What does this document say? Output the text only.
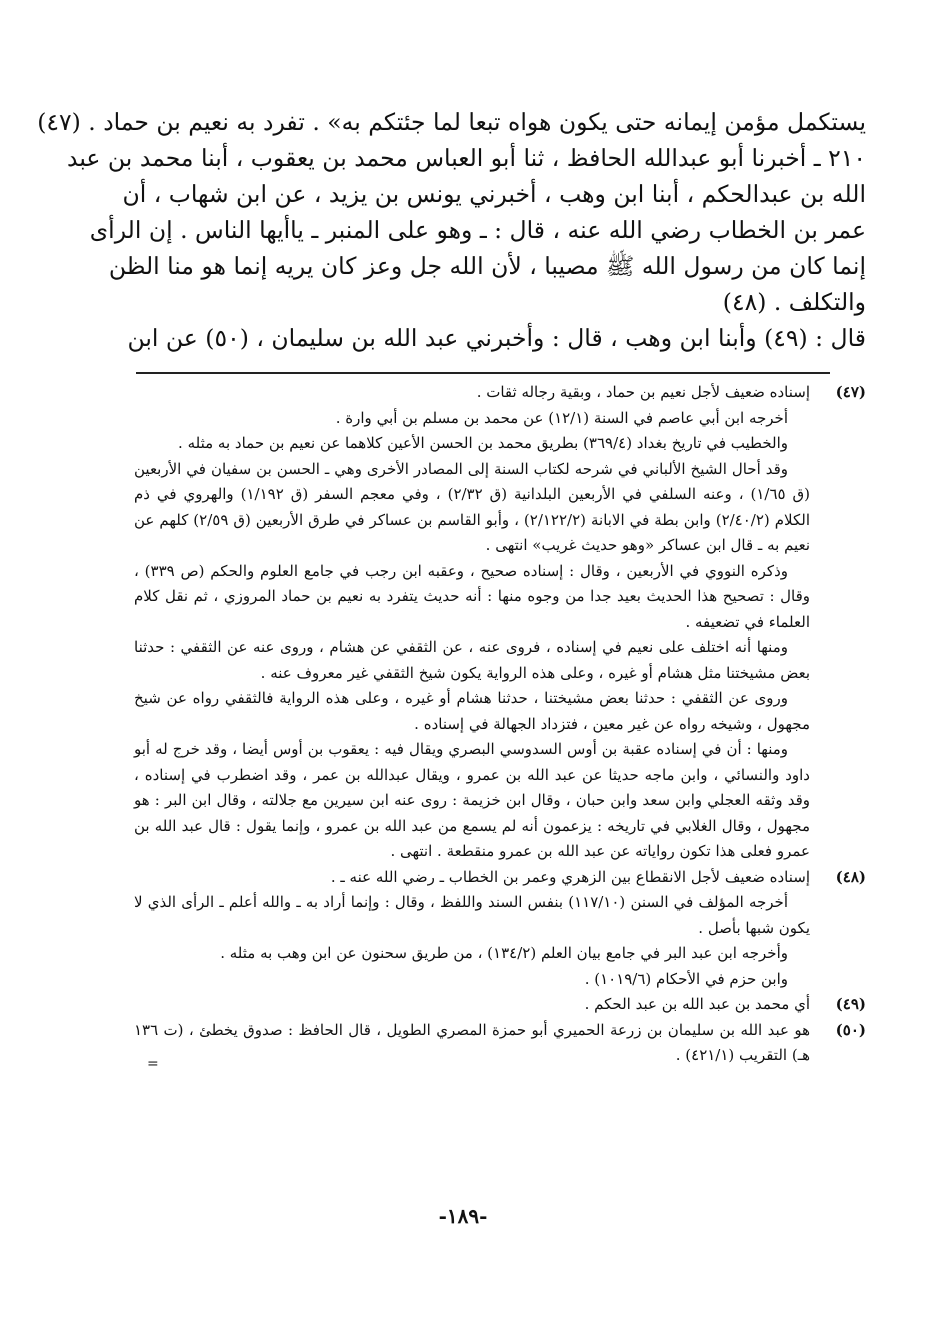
يستكمل مؤمن إيمانه حتى يكون هواه تبعا لما جئتكم به» . تفرد به نعيم بن حماد . (٤٧)
٢١٠ ـ أخبرنا أبو عبدالله الحافظ ، ثنا أبو العباس محمد بن يعقوب ، أبنا محمد بن عبد
الله بن عبدالحكم ، أبنا ابن وهب ، أخبرني يونس بن يزيد ، عن ابن شهاب ، أن
عمر بن الخطاب رضي الله عنه ، قال : ـ وهو على المنبر ـ ياأيها الناس . إن الرأى
إنما كان من رسول الله ﷺ مصيبا ، لأن الله جل وعز كان يريه إنما هو منا الظن
والتكلف . (٤٨)
قال : (٤٩) وأبنا ابن وهب ، قال : وأخبرني عبد الله بن سليمان ، (٥٠) عن ابن
(٤٧)
إسناده ضعيف لأجل نعيم بن حماد ، وبقية رجاله ثقات .
أخرجه ابن أبي عاصم في السنة (١٢/١) عن محمد بن مسلم بن أبي وارة .
والخطيب في تاريخ بغداد (٣٦٩/٤) بطريق محمد بن الحسن الأعين كلاهما عن نعيم بن حماد به مثله .
وقد أحال الشيخ الألباني في شرحه لكتاب السنة إلى المصادر الأخرى وهي ـ الحسن بن سفيان في الأربعين (ق ١/٦٥) ، وعنه السلفي في الأربعين البلدانية (ق ٢/٣٢) ، وفي معجم السفر (ق ١/١٩٢) والهروي في ذم الكلام (٢/٤٠/٢) وابن بطة في الابانة (٢/١٢٢/٢) ، وأبو القاسم بن عساكر في طرق الأربعين (ق ٢/٥٩) كلهم عن نعيم به ـ قال ابن عساكر «وهو حديث غريب» انتهى .
وذكره النووي في الأربعين ، وقال : إسناده صحيح ، وعقبه ابن رجب في جامع العلوم والحكم (ص ٣٣٩) ، وقال : تصحيح هذا الحديث بعيد جدا من وجوه منها : أنه حديث يتفرد به نعيم بن حماد المروزي ، ثم نقل كلام العلماء في تضعيفه .
ومنها أنه اختلف على نعيم في إسناده ، فروى عنه ، عن الثقفي عن هشام ، وروى عنه عن الثقفي : حدثنا بعض مشيختنا مثل هشام أو غيره ، وعلى هذه الرواية يكون شيخ الثقفي غير معروف عنه .
وروى عن الثقفي : حدثنا بعض مشيختنا ، حدثنا هشام أو غيره ، وعلى هذه الرواية فالثقفي رواه عن شيخ مجهول ، وشيخه رواه عن غير معين ، فتزداد الجهالة في إسناده .
ومنها : أن في إسناده عقبة بن أوس السدوسي البصري ويقال فيه : يعقوب بن أوس أيضا ، وقد خرج له أبو داود والنسائي ، وابن ماجه حديثا عن عبد الله بن عمرو ، ويقال عبدالله بن عمر ، وقد اضطرب في إسناده ، وقد وثقه العجلي وابن سعد وابن حبان ، وقال ابن خزيمة : روى عنه ابن سيرين مع جلالته ، وقال ابن البر : هو مجهول ، وقال الغلابي في تاريخه : يزعمون أنه لم يسمع من عبد الله بن عمرو ، وإنما يقول : قال عبد الله بن عمرو فعلى هذا تكون رواياته عن عبد الله بن عمرو منقطعة . انتهى .
(٤٨)
إسناده ضعيف لأجل الانقطاع بين الزهري وعمر بن الخطاب ـ رضي الله عنه ـ .
أخرجه المؤلف في السنن (١١٧/١٠) بنفس السند واللفظ ، وقال : وإنما أراد به ـ والله أعلم ـ الرأى الذي لا يكون شبها بأصل .
وأخرجه ابن عبد البر في جامع بيان العلم (١٣٤/٢) ، من طريق سحنون عن ابن وهب به مثله .
وابن حزم في الأحكام (١٠١٩/٦) .
(٤٩)
أي محمد بن عبد الله بن عبد الحكم .
(٥٠)
هو عبد الله بن سليمان بن زرعة الحميري أبو حمزة المصري الطويل ، قال الحافظ : صدوق يخطئ ، (ت ١٣٦ هـ) التقريب (٤٢١/١) .
=
-١٨٩-
